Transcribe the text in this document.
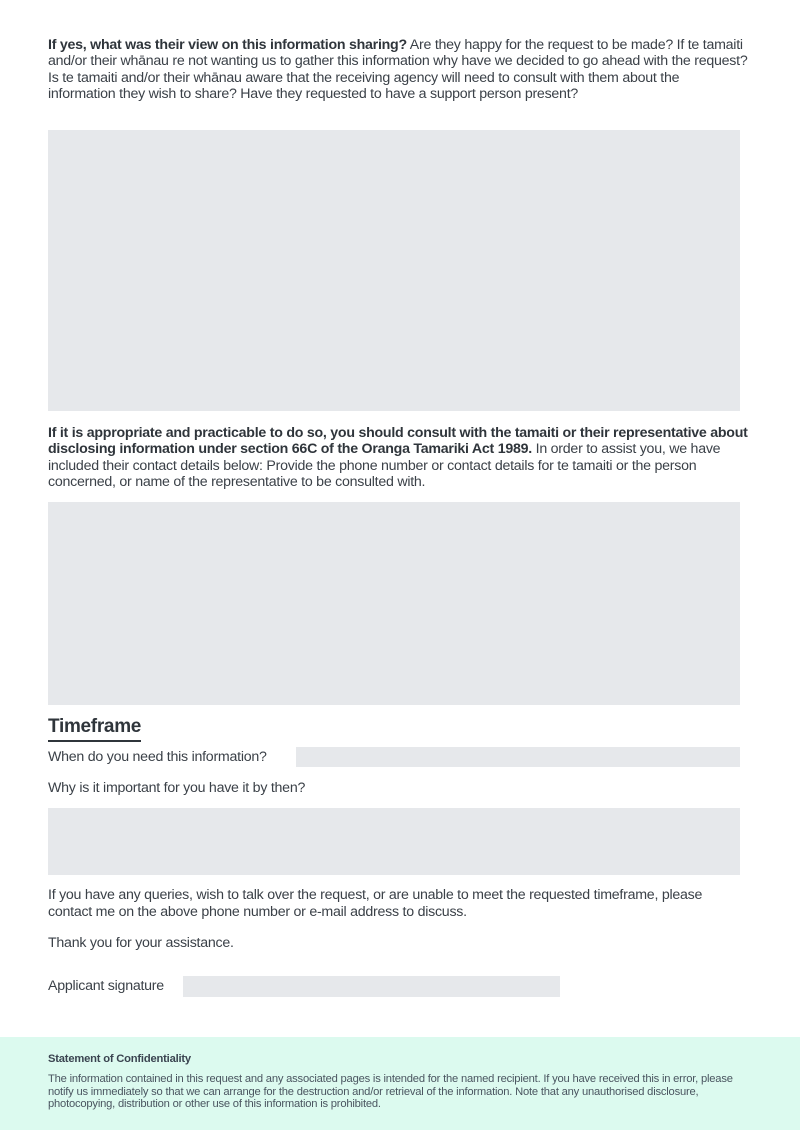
If yes, what was their view on this information sharing? Are they happy for the request to be made? If te tamaiti and/or their whānau re not wanting us to gather this information why have we decided to go ahead with the request? Is te tamaiti and/or their whānau aware that the receiving agency will need to consult with them about the information they wish to share? Have they requested to have a support person present?

If it is appropriate and practicable to do so, you should consult with the tamaiti or their representative about disclosing information under section 66C of the Oranga Tamariki Act 1989. In order to assist you, we have included their contact details below: Provide the phone number or contact details for te tamaiti or the person concerned, or name of the representative to be consulted with.

Timeframe
When do you need this information?
Why is it important for you have it by then?

If you have any queries, wish to talk over the request, or are unable to meet the requested timeframe, please contact me on the above phone number or e-mail address to discuss.

Thank you for your assistance.
Applicant signature
Statement of Confidentiality

The information contained in this request and any associated pages is intended for the named recipient. If you have received this in error, please notify us immediately so that we can arrange for the destruction and/or retrieval of the information. Note that any unauthorised disclosure, photocopying, distribution or other use of this information is prohibited.
